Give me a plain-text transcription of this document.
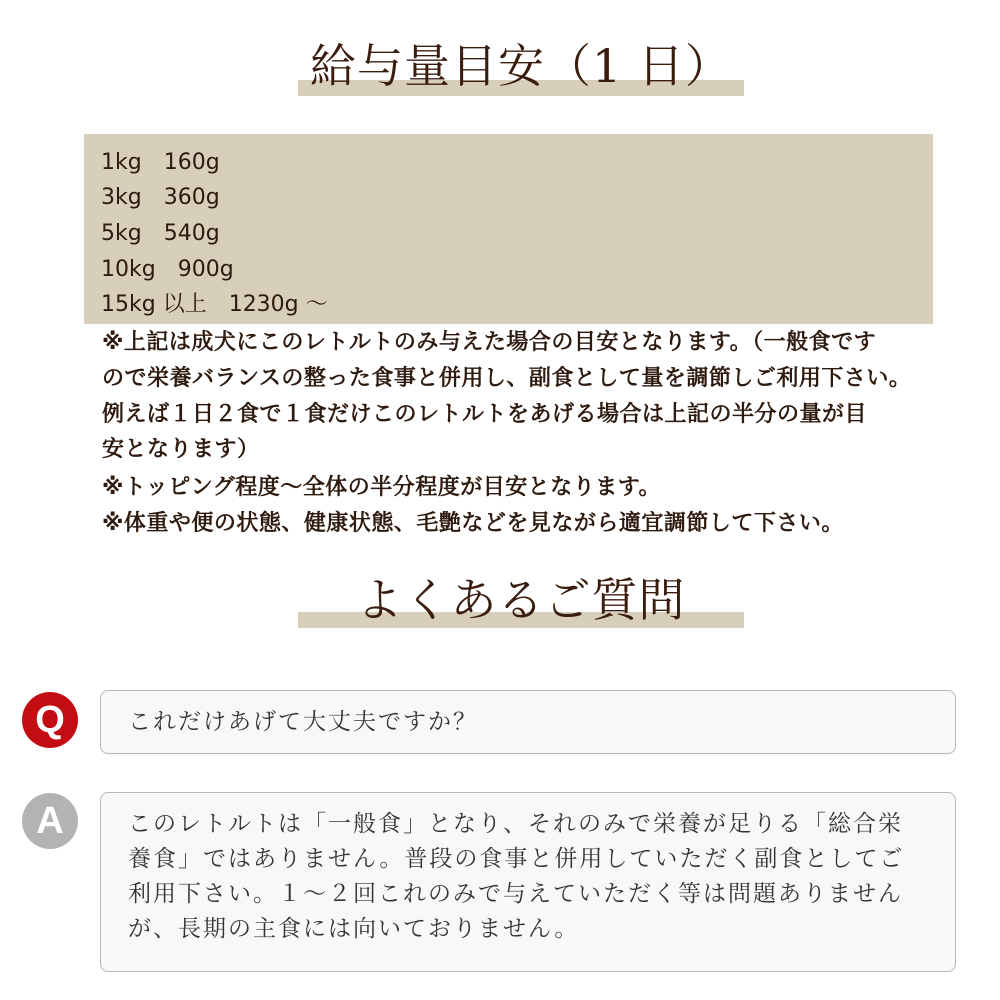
給与量目安（1 日）
1kg　160g
3kg　360g
5kg　540g
10kg　900g
15kg 以上　1230g ～
※上記は成犬にこのレトルトのみ与えた場合の目安となります。（一般食です
ので栄養バランスの整った食事と併用し、副食として量を調節しご利用下さい。
例えば１日２食で１食だけこのレトルトをあげる場合は上記の半分の量が目
安となります）
※トッピング程度～全体の半分程度が目安となります。
※体重や便の状態、健康状態、毛艶などを見ながら適宜調節して下さい。
よくあるご質問
Q	これだけあげて大丈夫ですか？
A	このレトルトは「一般食」となり、それのみで栄養が足りる「総合栄
養食」ではありません。普段の食事と併用していただく副食としてご
利用下さい。１～２回これのみで与えていただく等は問題ありません
が、長期の主食には向いておりません。
